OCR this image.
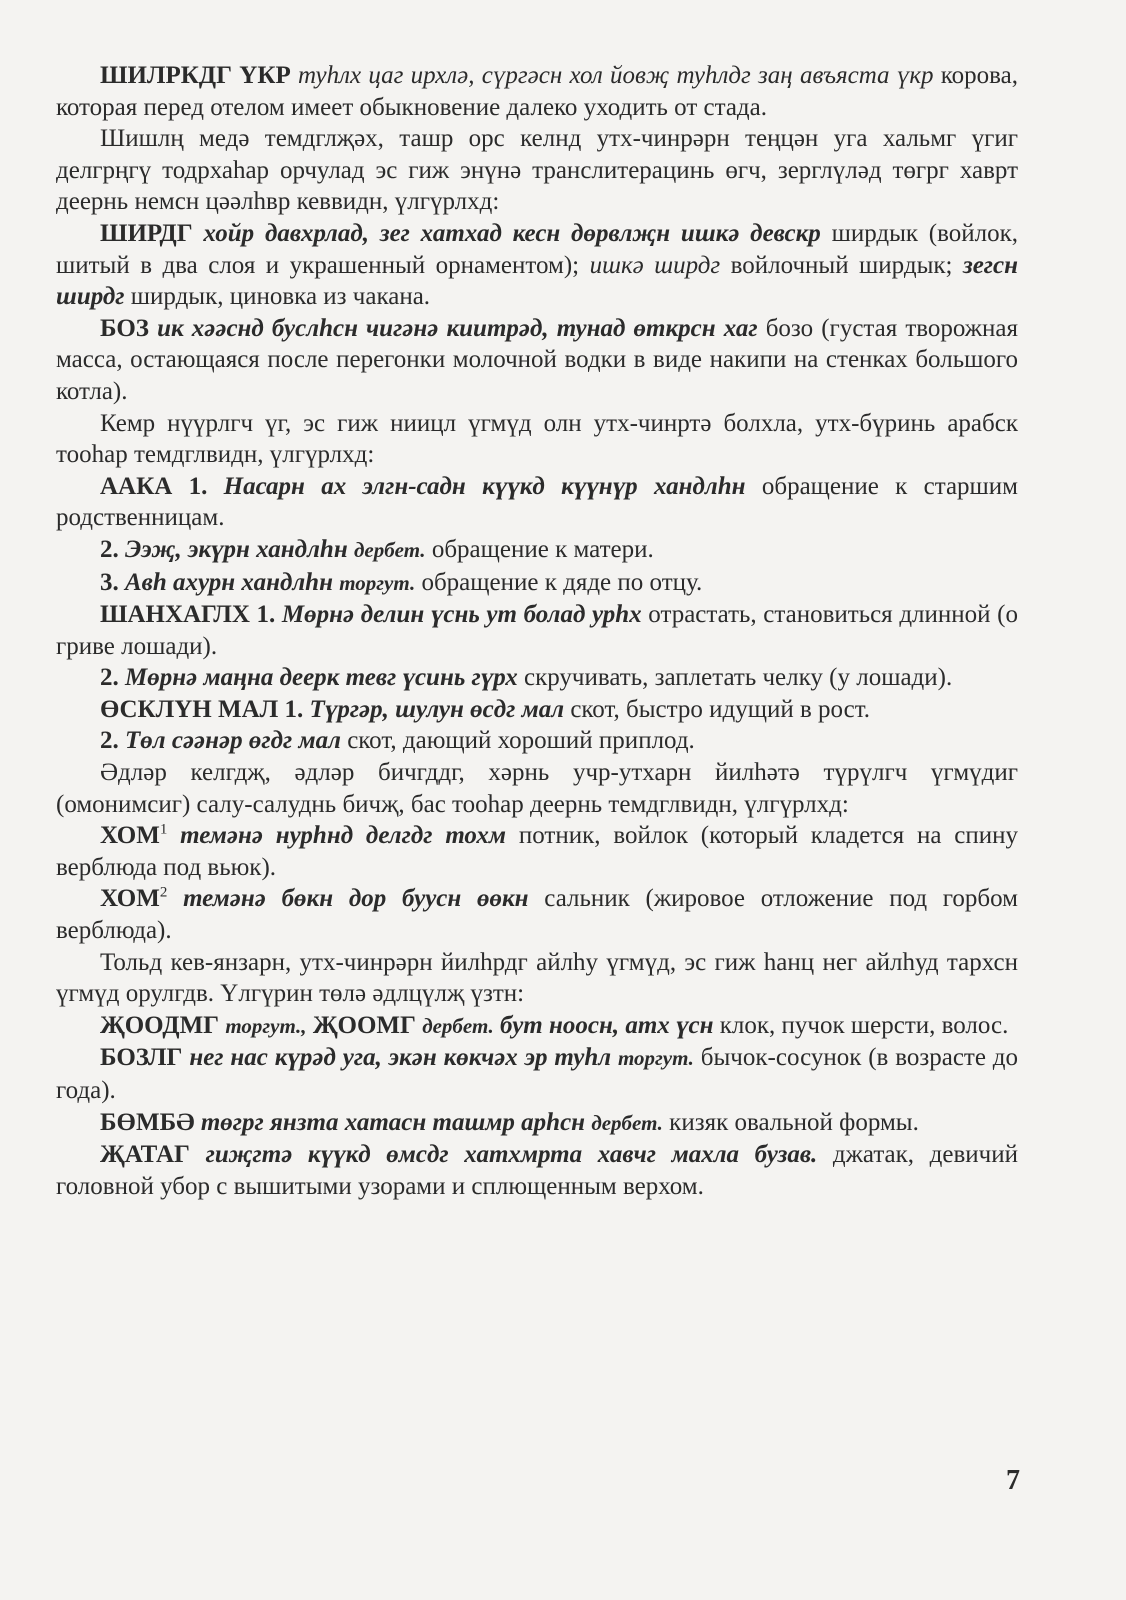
ШИЛРКДГ ҮКР туһлх цаг ирхлә, сүргәсн хол йовҗ туһлдг заң авъяста үкр корова, которая перед отелом имеет обыкновение далеко уходить от стада.

Шишлң медә темдглҗәх, ташр орс келнд утх-чинрәрн теңцән уга хальмг үгиг делгрңгү тодрхаһар орчулад эс гиж энүнә транслитерацинь өгч, зерглүләд төгрг хаврт деернь немсн цәәлһвр кеввидн, үлгүрлхд:

ШИРДГ хойр давхрлад, зег хатхад кесн дөрвлҗн ишкә девскр ширдык (войлок, шитый в два слоя и украшенный орнаментом); ишкә ширдг войлочный ширдык; зегсн ширдг ширдык, циновка из чакана.

БОЗ ик хәәснд буслһсн чигәнә киитрәд, тунад өткрсн хаг бозо (густая творожная масса, остающаяся после перегонки молочной водки в виде накипи на стенках большого котла).

Кемр нүүрлгч үг, эс гиж ниицл үгмүд олн утх-чинртә болхла, утх-бүринь арабск тооһар темдглвидн, үлгүрлхд:

ААКА 1. Насарн ах элгн-садн күүкд күүнүр хандлһн обращение к старшим родственницам.

2. Ээҗ, экүрн хандлһн дербет. обращение к матери.

3. Авһ ахурн хандлһн торгут. обращение к дяде по отцу.

ШАНХАГЛХ 1. Мөрнә делин үснь ут болад урһх отрастать, становиться длинной (о гриве лошади).

2. Мөрнә маңна деерк тевг үсинь гүрх скручивать, заплетать челку (у лошади).

ӨСКЛҮН МАЛ 1. Түргәр, шулун өсдг мал скот, быстро идущий в рост.

2. Төл сәәнәр өгдг мал скот, дающий хороший приплод.

Әдләр келгдҗ, әдләр бичгддг, хәрнь учр-утхарн йилһәтә түрүлгч үгмүдиг (омонимсиг) салу-салуднь бичҗ, бас тооһар деернь темдглвидн, үлгүрлхд:

ХОМ$^1$ темәнә нурһнд делгдг тохм потник, войлок (который кладется на спину верблюда под вьюк).

ХОМ$^2$ темәнә бөкн дор буусн өөкн сальник (жировое отложение под горбом верблюда).

Тольд кев-янзарн, утх-чинрәрн йилһрдг айлһу үгмүд, эс гиж һанц нег айлһуд тархсн үгмүд орулгдв. Үлгүрин төлә әдлцүлҗ үзтн:

ҖООДМГ торгут., ҖООМГ дербет. бут ноосн, атх үсн клок, пучок шерсти, волос.

БОЗЛГ нег нас күрәд уга, экән көкчәх эр туһл торгут. бычок-сосунок (в возрасте до года).

БӨМБӘ төгрг янзта хатасн ташмр арһсн дербет. кизяк овальной формы.

ҖАТАГ гиҗгтә күүкд өмсдг хатхмрта хавчг махла бузав. джатак, девичий головной убор с вышитыми узорами и сплющенным верхом.

7
